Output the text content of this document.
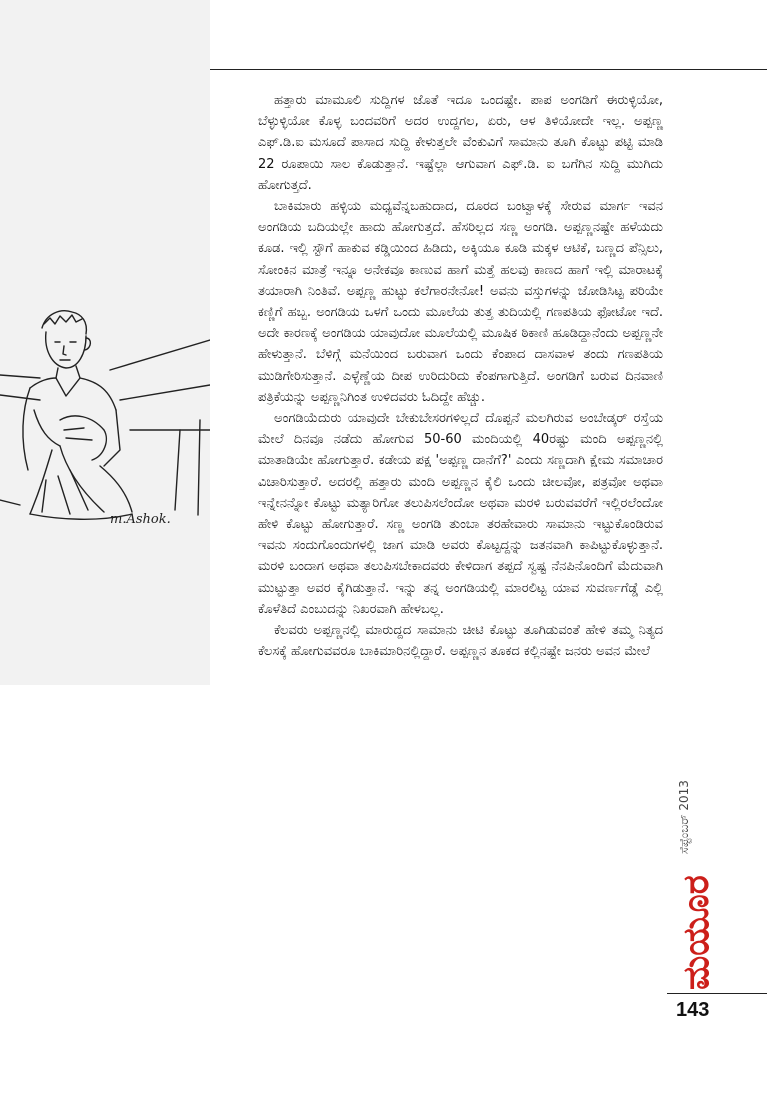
m.Ashok.

ಹತ್ತಾರು ಮಾಮೂಲಿ ಸುದ್ದಿಗಳ ಜೊತೆ ಇದೂ ಒಂದಷ್ಟೇ. ಪಾಪ ಅಂಗಡಿಗೆ ಈರುಳ್ಳಿಯೋ, ಬೆಳ್ಳುಳ್ಳಿಯೋ ಕೊಳ್ಳ ಬಂದವರಿಗೆ ಅದರ ಉದ್ದಗಲ, ಏರು, ಆಳ ತಿಳಿಯೋದೇ ಇಲ್ಲ. ಅಪ್ಪಣ್ಣ ಎಫ್.ಡಿ.ಐ ಮಸೂದೆ ಪಾಸಾದ ಸುದ್ದಿ ಕೇಳುತ್ತಲೇ ವೆಂಕುವಿಗೆ ಸಾಮಾನು ತೂಗಿ ಕೊಟ್ಟು ಪಟ್ಟಿ ಮಾಡಿ 22 ರೂಪಾಯಿ ಸಾಲ ಕೊಡುತ್ತಾನೆ. ಇಷ್ಟೆಲ್ಲಾ ಆಗುವಾಗ ಎಫ್.ಡಿ. ಐ ಬಗೆಗಿನ ಸುದ್ದಿ ಮುಗಿದು ಹೋಗುತ್ತದೆ.

ಬಾಕಿಮಾರು ಹಳ್ಳಿಯ ಮಧ್ಯವೆನ್ನಬಹುದಾದ, ದೂರದ ಬಂಟ್ವಾಳಕ್ಕೆ ಸೇರುವ ಮಾರ್ಗ ಇವನ ಅಂಗಡಿಯ ಬದಿಯಲ್ಲೇ ಹಾದು ಹೋಗುತ್ತದೆ. ಹೆಸರಿಲ್ಲದ ಸಣ್ಣ ಅಂಗಡಿ. ಅಪ್ಪಣ್ಣನಷ್ಟೇ ಹಳೆಯದು ಕೂಡ. ಇಲ್ಲಿ ಸ್ಟೌಗೆ ಹಾಕುವ ಕಡ್ಡಿಯಿಂದ ಹಿಡಿದು, ಅಕ್ಕಿಯೂ ಕೂಡಿ ಮಕ್ಕಳ ಆಟಿಕೆ, ಬಣ್ಣದ ಪೆನ್ಸಿಲು, ಸೋಂಕಿನ ಮಾತ್ರೆ ಇನ್ನೂ ಅನೇಕವೂ ಕಾಣುವ ಹಾಗೆ ಮತ್ತೆ ಹಲವು ಕಾಣದ ಹಾಗೆ ಇಲ್ಲಿ ಮಾರಾಟಕ್ಕೆ ತಯಾರಾಗಿ ನಿಂತಿವೆ. ಅಪ್ಪಣ್ಣ ಹುಟ್ಟು ಕಲೆಗಾರನೇನೋ! ಅವನು ವಸ್ತುಗಳನ್ನು ಜೋಡಿಸಿಟ್ಟ ಪರಿಯೇ ಕಣ್ಣಿಗೆ ಹಬ್ಬ. ಅಂಗಡಿಯ ಒಳಗೆ ಒಂದು ಮೂಲೆಯ ತುತ್ತ ತುದಿಯಲ್ಲಿ ಗಣಪತಿಯ ಫೋಟೋ ಇದೆ. ಅದೇ ಕಾರಣಕ್ಕೆ ಅಂಗಡಿಯ ಯಾವುದೋ ಮೂಲೆಯಲ್ಲಿ ಮೂಷಿಕ ಠಿಕಾಣಿ ಹೂಡಿದ್ದಾನೆಂದು ಅಪ್ಪಣ್ಣನೇ ಹೇಳುತ್ತಾನೆ. ಬೆಳಿಗ್ಗೆ ಮನೆಯಿಂದ ಬರುವಾಗ ಒಂದು ಕೆಂಪಾದ ದಾಸವಾಳ ತಂದು ಗಣಪತಿಯ ಮುಡಿಗೇರಿಸುತ್ತಾನೆ. ಎಳ್ಳೆಣ್ಣೆಯ ದೀಪ ಉರಿದುರಿದು ಕೆಂಪಗಾಗುತ್ತಿದೆ. ಅಂಗಡಿಗೆ ಬರುವ ದಿನವಾಣಿ ಪತ್ರಿಕೆಯನ್ನು ಅಪ್ಪಣ್ಣನಿಗಿಂತ ಉಳಿದವರು ಓದಿದ್ದೇ ಹೆಚ್ಚು.

ಅಂಗಡಿಯೆದುರು ಯಾವುದೇ ಬೇಕುಬೇಸರಗಳಿಲ್ಲದೆ ದೊಪ್ಪನೆ ಮಲಗಿರುವ ಅಂಬೇಡ್ಕರ್ ರಸ್ತೆಯ ಮೇಲೆ ದಿನವೂ ನಡೆದು ಹೋಗುವ 50-60 ಮಂದಿಯಲ್ಲಿ 40ರಷ್ಟು ಮಂದಿ ಅಪ್ಪಣ್ಣನಲ್ಲಿ ಮಾತಾಡಿಯೇ ಹೋಗುತ್ತಾರೆ. ಕಡೇಯ ಪಕ್ಷ 'ಅಪ್ಪಣ್ಣ ದಾನೆಗೆ?' ಎಂದು ಸಣ್ಣದಾಗಿ ಕ್ಷೇಮ ಸಮಾಚಾರ ವಿಚಾರಿಸುತ್ತಾರೆ. ಅದರಲ್ಲಿ ಹತ್ತಾರು ಮಂದಿ ಅಪ್ಪಣ್ಣನ ಕೈಲಿ ಒಂದು ಚೀಲವೋ, ಪತ್ರವೋ ಅಥವಾ ಇನ್ನೇನನ್ನೋ ಕೊಟ್ಟು ಮತ್ಯಾರಿಗೋ ತಲುಪಿಸಲೆಂದೋ ಅಥವಾ ಮರಳಿ ಬರುವವರೆಗೆ ಇಲ್ಲಿರಲೆಂದೋ ಹೇಳಿ ಕೊಟ್ಟು ಹೋಗುತ್ತಾರೆ. ಸಣ್ಣ ಅಂಗಡಿ ತುಂಬಾ ತರಹೇವಾರು ಸಾಮಾನು ಇಟ್ಟುಕೊಂಡಿರುವ ಇವನು ಸಂದುಗೊಂದುಗಳಲ್ಲಿ ಜಾಗ ಮಾಡಿ ಅವರು ಕೊಟ್ಟದ್ದನ್ನು ಜತನವಾಗಿ ಕಾಪಿಟ್ಟುಕೊಳ್ಳುತ್ತಾನೆ. ಮರಳಿ ಬಂದಾಗ ಅಥವಾ ತಲುಪಿಸಬೇಕಾದವರು ಕೇಳಿದಾಗ ತಪ್ಪದೆ ಸ್ವಷ್ಟ ನೆನಪಿನೊಂದಿಗೆ ಮೆದುವಾಗಿ ಮುಟ್ಟುತ್ತಾ ಅವರ ಕೈಗಿಡುತ್ತಾನೆ. ಇನ್ನು ತನ್ನ ಅಂಗಡಿಯಲ್ಲಿ ಮಾರಲಿಟ್ಟ ಯಾವ ಸುವರ್ಣಗೆಡ್ಡೆ ಎಲ್ಲಿ ಕೊಳೆತಿದೆ ಎಂಬುದನ್ನು ನಿಖರವಾಗಿ ಹೇಳಬಲ್ಲ.

ಕೆಲವರು ಅಪ್ಪಣ್ಣನಲ್ಲಿ ಮಾರುದ್ದದ ಸಾಮಾನು ಚೀಟಿ ಕೊಟ್ಟು ತೂಗಿಡುವಂತೆ ಹೇಳಿ ತಮ್ಮ ನಿತ್ಯದ ಕೆಲಸಕ್ಕೆ ಹೋಗುವವರೂ ಬಾಕಿಮಾರಿನಲ್ಲಿದ್ದಾರೆ. ಅಪ್ಪಣ್ಣನ ತೂಕದ ಕಲ್ಲಿನಷ್ಟೇ ಜನರು ಅವನ ಮೇಲೆ

ಸೆಪ್ಟೆಂಬರ್ 2013
ಮಯೂರ
143
